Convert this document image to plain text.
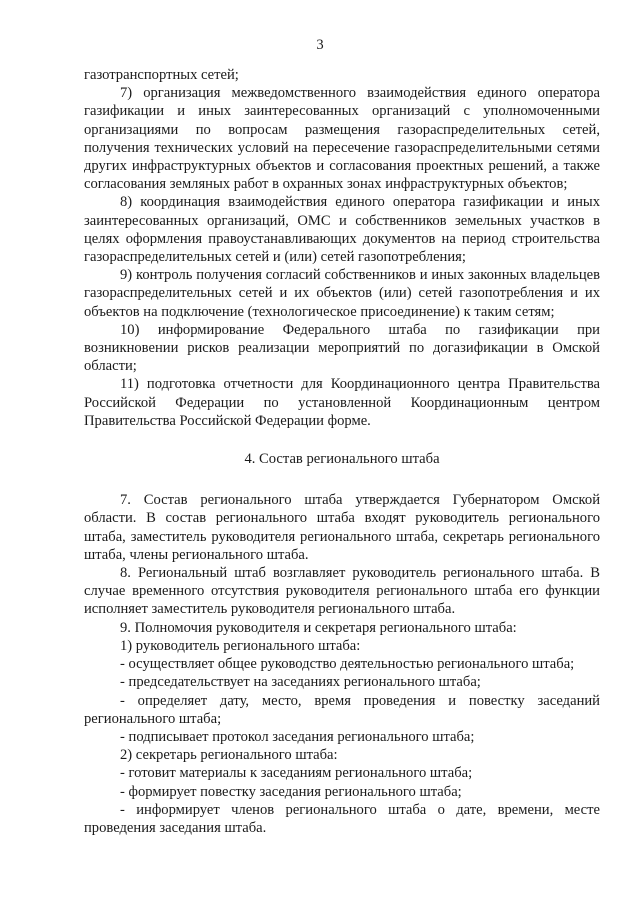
3

газотранспортных сетей;

7) организация межведомственного взаимодействия единого оператора газификации и иных заинтересованных организаций с уполномоченными организациями по вопросам размещения газораспределительных сетей, получения технических условий на пересечение газораспределительными сетями других инфраструктурных объектов и согласования проектных решений, а также согласования земляных работ в охранных зонах инфраструктурных объектов;

8) координация взаимодействия единого оператора газификации и иных заинтересованных организаций, ОМС и собственников земельных участков в целях оформления правоустанавливающих документов на период строительства газораспределительных сетей и (или) сетей газопотребления;

9) контроль получения согласий собственников и иных законных владельцев газораспределительных сетей и их объектов (или) сетей газопотребления и их объектов на подключение (технологическое присоединение) к таким сетям;

10) информирование Федерального штаба по газификации при возникновении рисков реализации мероприятий по догазификации в Омской области;

11) подготовка отчетности для Координационного центра Правительства Российской Федерации по установленной Координационным центром Правительства Российской Федерации форме.

4. Состав регионального штаба

7. Состав регионального штаба утверждается Губернатором Омской области. В состав регионального штаба входят руководитель регионального штаба, заместитель руководителя регионального штаба, секретарь регионального штаба, члены регионального штаба.

8. Региональный штаб возглавляет руководитель регионального штаба. В случае временного отсутствия руководителя регионального штаба его функции исполняет заместитель руководителя регионального штаба.

9. Полномочия руководителя и секретаря регионального штаба:

1) руководитель регионального штаба:

- осуществляет общее руководство деятельностью регионального штаба;

- председательствует на заседаниях регионального штаба;

- определяет дату, место, время проведения и повестку заседаний регионального штаба;

- подписывает протокол заседания регионального штаба;

2) секретарь регионального штаба:

- готовит материалы к заседаниям регионального штаба;

- формирует повестку заседания регионального штаба;

- информирует членов регионального штаба о дате, времени, месте проведения заседания штаба.
